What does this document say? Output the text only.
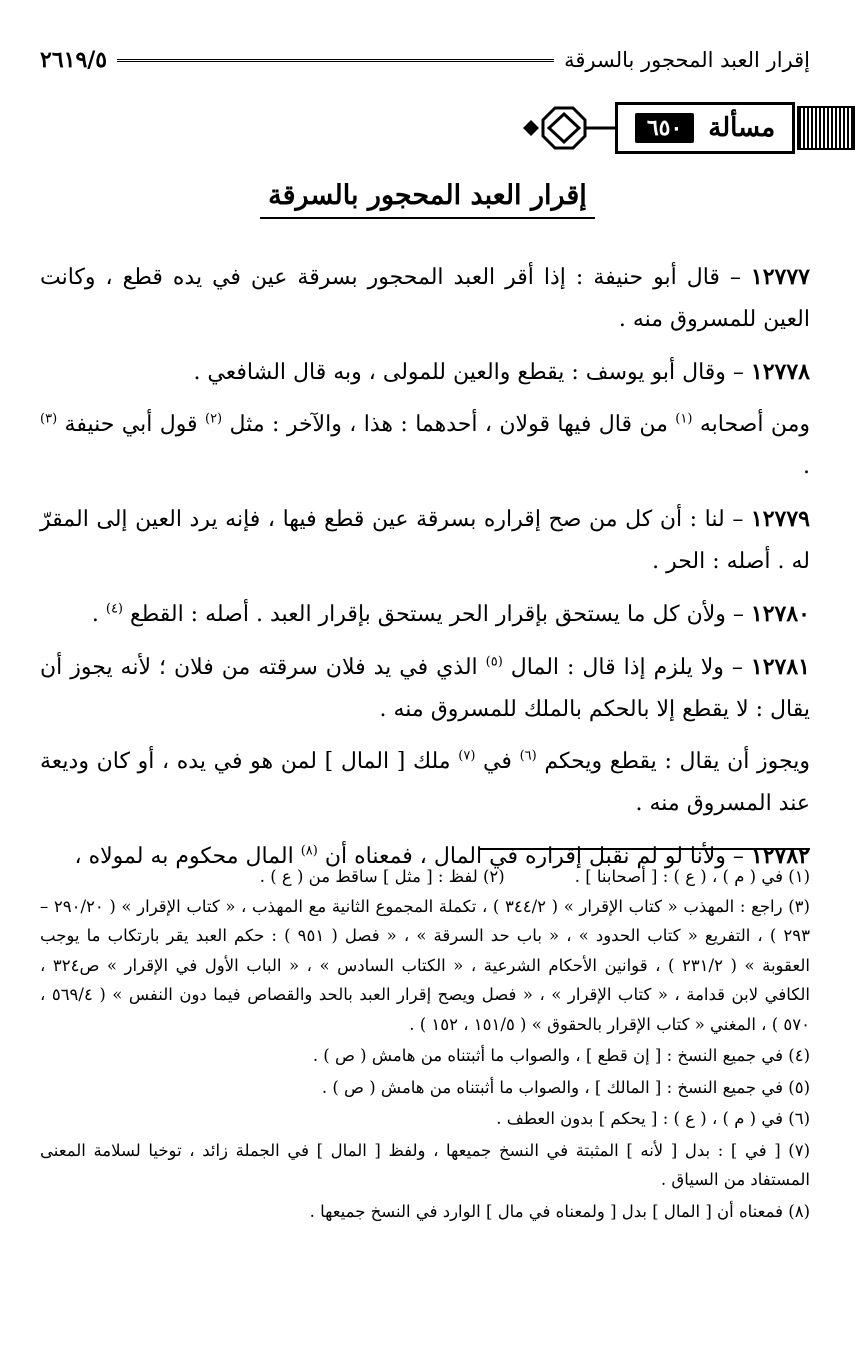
إقرار العبد المحجور بالسرقة
٢٦١٩/٥
مسألة
٦٥٠
إقرار العبد المحجور بالسرقة

١٢٧٧٧ – قال أبو حنيفة : إذا أقر العبد المحجور بسرقة عين في يده قطع ، وكانت العين للمسروق منه .

١٢٧٧٨ – وقال أبو يوسف : يقطع والعين للمولى ، وبه قال الشافعي .

ومن أصحابه $^{(١)}$ من قال فيها قولان ، أحدهما : هذا ، والآخر : مثل $^{(٢)}$ قول أبي حنيفة $^{(٣)}$ .

١٢٧٧٩ – لنا : أن كل من صح إقراره بسرقة عين قطع فيها ، فإنه يرد العين إلى المقرّ له . أصله : الحر .

١٢٧٨٠ – ولأن كل ما يستحق بإقرار الحر يستحق بإقرار العبد . أصله : القطع $^{(٤)}$ .

١٢٧٨١ – ولا يلزم إذا قال : المال $^{(٥)}$ الذي في يد فلان سرقته من فلان ؛ لأنه يجوز أن يقال : لا يقطع إلا بالحكم بالملك للمسروق منه .

ويجوز أن يقال : يقطع ويحكم $^{(٦)}$ في $^{(٧)}$ ملك [ المال ] لمن هو في يده ، أو كان وديعة عند المسروق منه .

١٢٧٨٢ – ولأنا لو لم نقبل إقراره في المال ، فمعناه أن $^{(٨)}$ المال محكوم به لمولاه ،

(١) في ( م ) ، ( ع ) : [ أصحابنا ] .
(٢) لفظ : [ مثل ] ساقط من ( ع ) .

(٣) راجع : المهذب « كتاب الإقرار » ( ٣٤٤/٢ ) ، تكملة المجموع الثانية مع المهذب ، « كتاب الإقرار » ( ٢٩٠/٢٠ – ٢٩٣ ) ، التفريع « كتاب الحدود » ، « باب حد السرقة » ، « فصل ( ٩٥١ ) : حكم العبد يقر بارتكاب ما يوجب العقوبة » ( ٢٣١/٢ ) ، قوانين الأحكام الشرعية ، « الكتاب السادس » ، « الباب الأول في الإقرار » ص٣٢٤ ، الكافي لابن قدامة ، « كتاب الإقرار » ، « فصل ويصح إقرار العبد بالحد والقصاص فيما دون النفس » ( ٥٦٩/٤ ، ٥٧٠ ) ، المغني « كتاب الإقرار بالحقوق » ( ١٥١/٥ ، ١٥٢ ) .

(٤) في جميع النسخ : [ إن قطع ] ، والصواب ما أثبتناه من هامش ( ص ) .

(٥) في جميع النسخ : [ المالك ] ، والصواب ما أثبتناه من هامش ( ص ) .

(٦) في ( م ) ، ( ع ) : [ يحكم ] بدون العطف .

(٧) [ في ] : بدل [ لأنه ] المثبتة في النسخ جميعها ، ولفظ [ المال ] في الجملة زائد ، توخيا لسلامة المعنى المستفاد من السياق .

(٨) فمعناه أن [ المال ] بدل [ ولمعناه في مال ] الوارد في النسخ جميعها .
